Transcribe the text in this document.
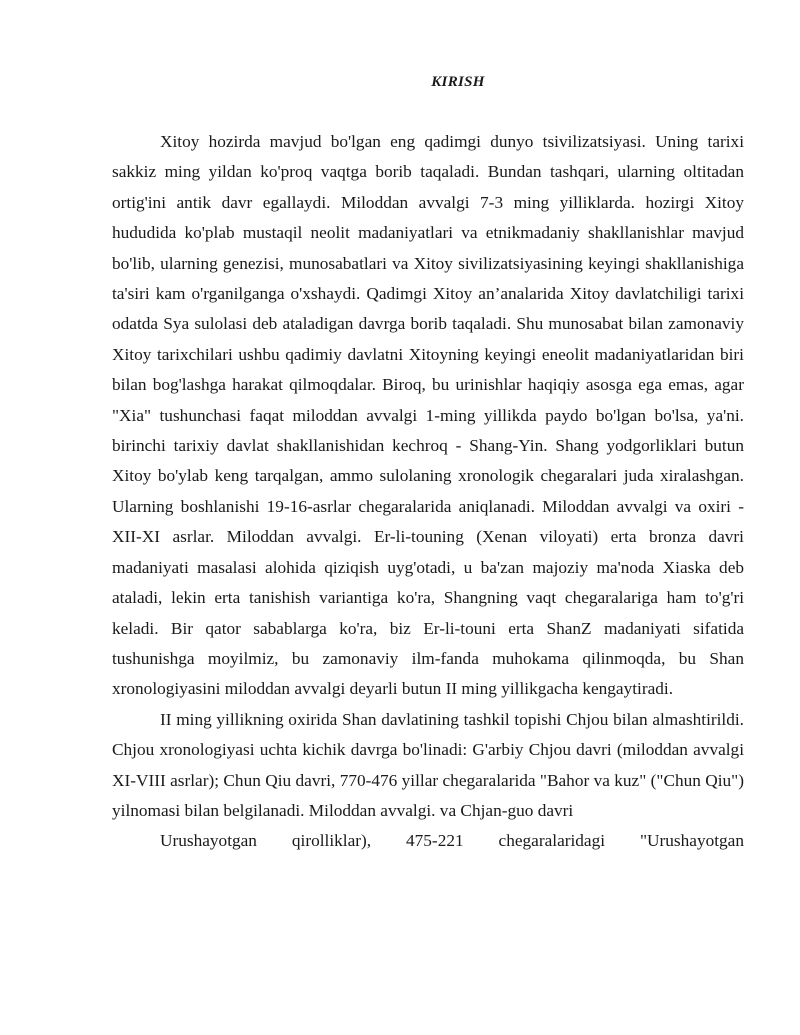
KIRISH

Xitoy hozirda mavjud bo'lgan eng qadimgi dunyo tsivilizatsiyasi. Uning tarixi sakkiz ming yildan ko'proq vaqtga borib taqaladi. Bundan tashqari, ularning oltitadan ortig'ini antik davr egallaydi. Miloddan avvalgi 7-3 ming yilliklarda. hozirgi Xitoy hududida ko'plab mustaqil neolit madaniyatlari va etnikmadaniy shakllanishlar mavjud bo'lib, ularning genezisi, munosabatlari va Xitoy sivilizatsiyasining keyingi shakllanishiga ta'siri kam o'rganilganga o'xshaydi. Qadimgi Xitoy an’analarida Xitoy davlatchiligi tarixi odatda Sya sulolasi deb ataladigan davrga borib taqaladi. Shu munosabat bilan zamonaviy Xitoy tarixchilari ushbu qadimiy davlatni Xitoyning keyingi eneolit madaniyatlaridan biri bilan bog'lashga harakat qilmoqdalar. Biroq, bu urinishlar haqiqiy asosga ega emas, agar "Xia" tushunchasi faqat miloddan avvalgi 1-ming yillikda paydo bo'lgan bo'lsa, ya'ni. birinchi tarixiy davlat shakllanishidan kechroq - Shang-Yin. Shang yodgorliklari butun Xitoy bo'ylab keng tarqalgan, ammo sulolaning xronologik chegaralari juda xiralashgan. Ularning boshlanishi 19-16-asrlar chegaralarida aniqlanadi. Miloddan avvalgi va oxiri - XII-XI asrlar. Miloddan avvalgi. Er-li-touning (Xenan viloyati) erta bronza davri madaniyati masalasi alohida qiziqish uyg'otadi, u ba'zan majoziy ma'noda Xiaska deb ataladi, lekin erta tanishish variantiga ko'ra, Shangning vaqt chegaralariga ham to'g'ri keladi. Bir qator sabablarga ko'ra, biz Er-li-touni erta ShanZ madaniyati sifatida tushunishga moyilmiz, bu zamonaviy ilm-fanda muhokama qilinmoqda, bu Shan xronologiyasini miloddan avvalgi deyarli butun II ming yillikgacha kengaytiradi.

II ming yillikning oxirida Shan davlatining tashkil topishi Chjou bilan almashtirildi. Chjou xronologiyasi uchta kichik davrga bo'linadi: G'arbiy Chjou davri (miloddan avvalgi XI-VIII asrlar); Chun Qiu davri, 770-476 yillar chegaralarida "Bahor va kuz" ("Chun Qiu") yilnomasi bilan belgilanadi. Miloddan avvalgi. va Chjan-guo davri

Urushayotgan qirolliklar), 475-221 chegaralaridagi "Urushayotgan
